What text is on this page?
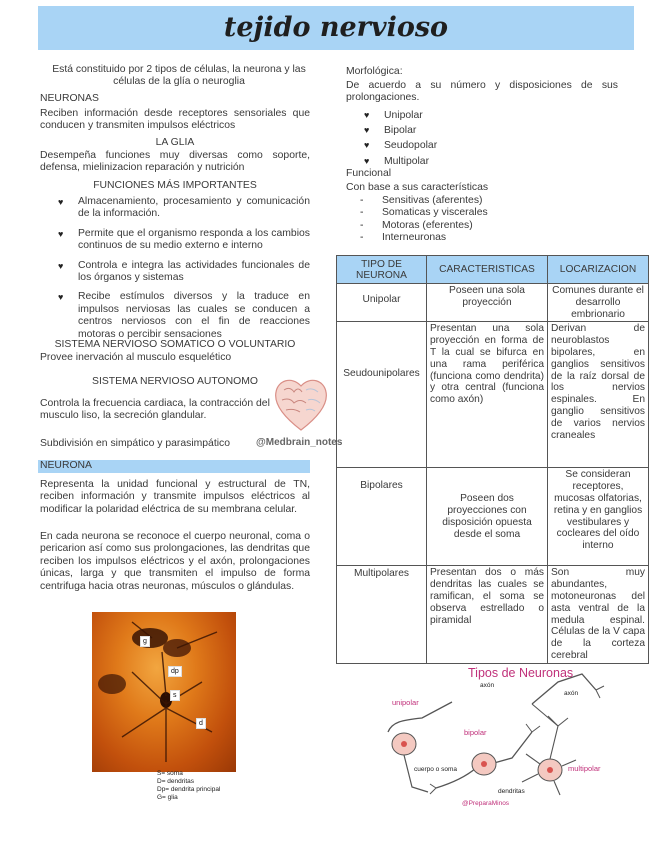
tejido nervioso
Está constituido por 2 tipos de células, la neurona y las células de la glía o neuroglia
NEURONAS
Reciben información desde receptores sensoriales que conducen y transmiten impulsos eléctricos
LA GLIA
Desempeña funciones muy diversas como soporte, defensa, mielinizacion reparación y nutrición
FUNCIONES MÁS IMPORTANTES
♥ Almacenamiento, procesamiento y comunicación de la información.
♥ Permite que el organismo responda a los cambios continuos de su medio externo e interno
♥ Controla e integra las actividades funcionales de los órganos y sistemas
♥ Recibe estímulos diversos y la traduce en impulsos nerviosas las cuales se conducen a centros nerviosos con el fin de reacciones motoras o percibir sensaciones
SISTEMA NERVIOSO SOMATICO O VOLUNTARIO
Provee inervación al musculo esquelético
SISTEMA NERVIOSO AUTONOMO
Controla la frecuencia cardiaca, la contracción del musculo liso, la secreción glandular.
Subdivisión en simpático y parasimpático	@Medbrain_notes
NEURONA
Representa la unidad funcional y estructural de TN, reciben información y transmite impulsos eléctricos al modificar la polaridad eléctrica de su membrana celular.
En cada neurona se reconoce el cuerpo neuronal, coma o pericarion así como sus prolongaciones, las dendritas que reciben los impulsos eléctricos y el axón, prolongaciones únicas, larga y que transmiten el impulso de forma centrifuga hacia otras neuronas, músculos o glándulas.
g
dp
s
d
S= soma
D= dendritas
Dp= dendrita principal
G= glia
Morfológica:
De acuerdo a su número y disposiciones de sus prolongaciones.
♥ Unipolar
♥ Bipolar
♥ Seudopolar
♥ Multipolar
Funcional
Con base a sus características
- Sensitivas (aferentes)
- Somaticas y viscerales
- Motoras (eferentes)
- Interneuronas
TIPO DE NEURONA	CARACTERISTICAS	LOCARIZACION
Unipolar	Poseen una sola proyección	Comunes durante el desarrollo embrionario
Seudounipolares	Presentan una sola proyección en forma de T la cual se bifurca en una rama periférica (funciona como dendrita) y otra central (funciona como axón)	Derivan de neuroblastos bipolares, en ganglios sensitivos de la raíz dorsal de los nervios espinales. En ganglio sensitivos de varios nervios craneales
Bipolares	Poseen dos proyecciones con disposición opuesta desde el soma	Se consideran receptores, mucosas olfatorias, retina y en ganglios vestibulares y cocleares del oído interno
Multipolares	Presentan dos o más dendritas las cuales se ramifican, el soma se observa estrellado o piramidal	Son muy abundantes, motoneuronas del asta ventral de la medula espinal. Células de la V capa de la corteza cerebral
Tipos de Neuronas
axón
unipolar
axón
bipolar
cuerpo o soma
dendritas
multipolar
@PreparaMinos
